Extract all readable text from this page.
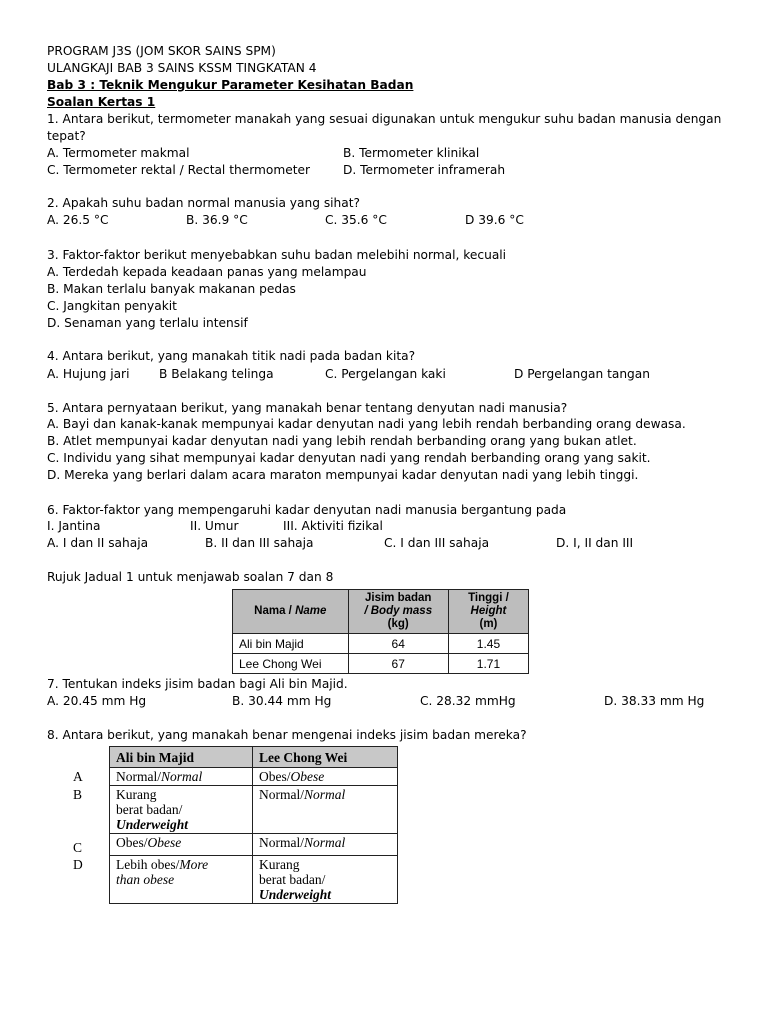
PROGRAM J3S (JOM SKOR SAINS SPM)
ULANGKAJI BAB 3 SAINS KSSM TINGKATAN 4
Bab 3 : Teknik Mengukur Parameter Kesihatan Badan
Soalan Kertas 1
1. Antara berikut, termometer manakah yang sesuai digunakan untuk mengukur suhu badan manusia dengan
tepat?
A. Termometer makmal	B. Termometer klinikal
C. Termometer rektal / Rectal thermometer	D. Termometer inframerah
2. Apakah suhu badan normal manusia yang sihat?
A. 26.5 °C	B. 36.9 °C	C. 35.6 °C	D 39.6 °C
3. Faktor-faktor berikut menyebabkan suhu badan melebihi normal, kecuali
A. Terdedah kepada keadaan panas yang melampau
B. Makan terlalu banyak makanan pedas
C. Jangkitan penyakit
D. Senaman yang terlalu intensif
4. Antara berikut, yang manakah titik nadi pada badan kita?
A. Hujung jari B Belakang telinga	C. Pergelangan kaki	D Pergelangan tangan
5. Antara pernyataan berikut, yang manakah benar tentang denyutan nadi manusia?
A. Bayi dan kanak-kanak mempunyai kadar denyutan nadi yang lebih rendah berbanding orang dewasa.
B. Atlet mempunyai kadar denyutan nadi yang lebih rendah berbanding orang yang bukan atlet.
C. Individu yang sihat mempunyai kadar denyutan nadi yang rendah berbanding orang yang sakit.
D. Mereka yang berlari dalam acara maraton mempunyai kadar denyutan nadi yang lebih tinggi.
6. Faktor-faktor yang mempengaruhi kadar denyutan nadi manusia bergantung pada
I. Jantina	II. Umur	III. Aktiviti fizikal
A. I dan II sahaja	B. II dan III sahaja	C. I dan III sahaja	D. I, II dan III
Rujuk Jadual 1 untuk menjawab soalan 7 dan 8
Nama / Name	Jisim badan
/ Body mass
(kg)	Tinggi /
Height
(m)
Ali bin Majid	64	1.45
Lee Chong Wei	67	1.71
7. Tentukan indeks jisim badan bagi Ali bin Majid.
A. 20.45 mm Hg	B. 30.44 mm Hg	C. 28.32 mmHg	D. 38.33 mm Hg
8. Antara berikut, yang manakah benar mengenai indeks jisim badan mereka?
	Ali bin Majid	Lee Chong Wei
A	Normal/Normal	Obes/Obese
B	Kurang
berat badan/
Underweight	Normal/Normal
C	Obes/Obese	Normal/Normal
D	Lebih obes/More
than obese	Kurang
berat badan/
Underweight
